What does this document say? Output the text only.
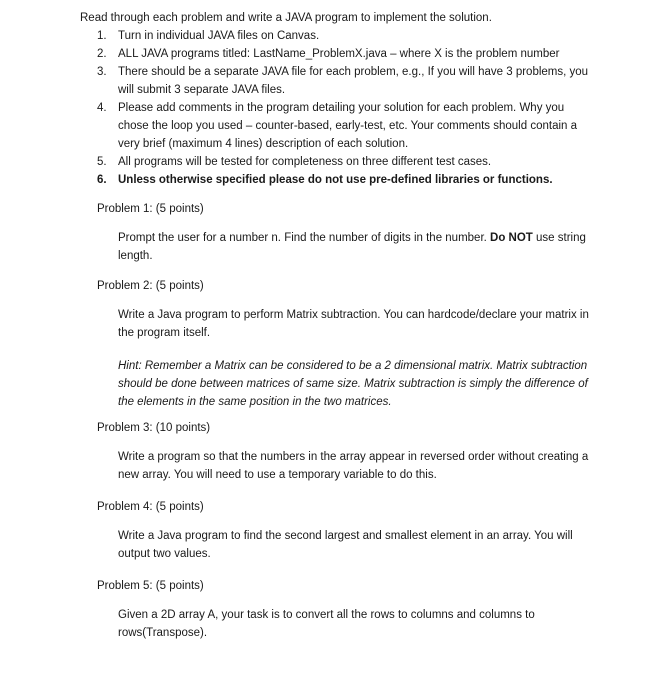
Read through each problem and write a JAVA program to implement the solution.
1. Turn in individual JAVA files on Canvas.
2. ALL JAVA programs titled: LastName_ProblemX.java – where X is the problem number
3. There should be a separate JAVA file for each problem, e.g., If you will have 3 problems, you will submit 3 separate JAVA files.
4. Please add comments in the program detailing your solution for each problem. Why you chose the loop you used – counter-based, early-test, etc. Your comments should contain a very brief (maximum 4 lines) description of each solution.
5. All programs will be tested for completeness on three different test cases.
6. Unless otherwise specified please do not use pre-defined libraries or functions.
Problem 1: (5 points)
Prompt the user for a number n. Find the number of digits in the number. Do NOT use string length.
Problem 2: (5 points)
Write a Java program to perform Matrix subtraction. You can hardcode/declare your matrix in the program itself.
Hint: Remember a Matrix can be considered to be a 2 dimensional matrix. Matrix subtraction should be done between matrices of same size. Matrix subtraction is simply the difference of the elements in the same position in the two matrices.
Problem 3: (10 points)
Write a program so that the numbers in the array appear in reversed order without creating a new array. You will need to use a temporary variable to do this.
Problem 4: (5 points)
Write a Java program to find the second largest and smallest element in an array. You will output two values.
Problem 5: (5 points)
Given a 2D array A, your task is to convert all the rows to columns and columns to rows(Transpose).
